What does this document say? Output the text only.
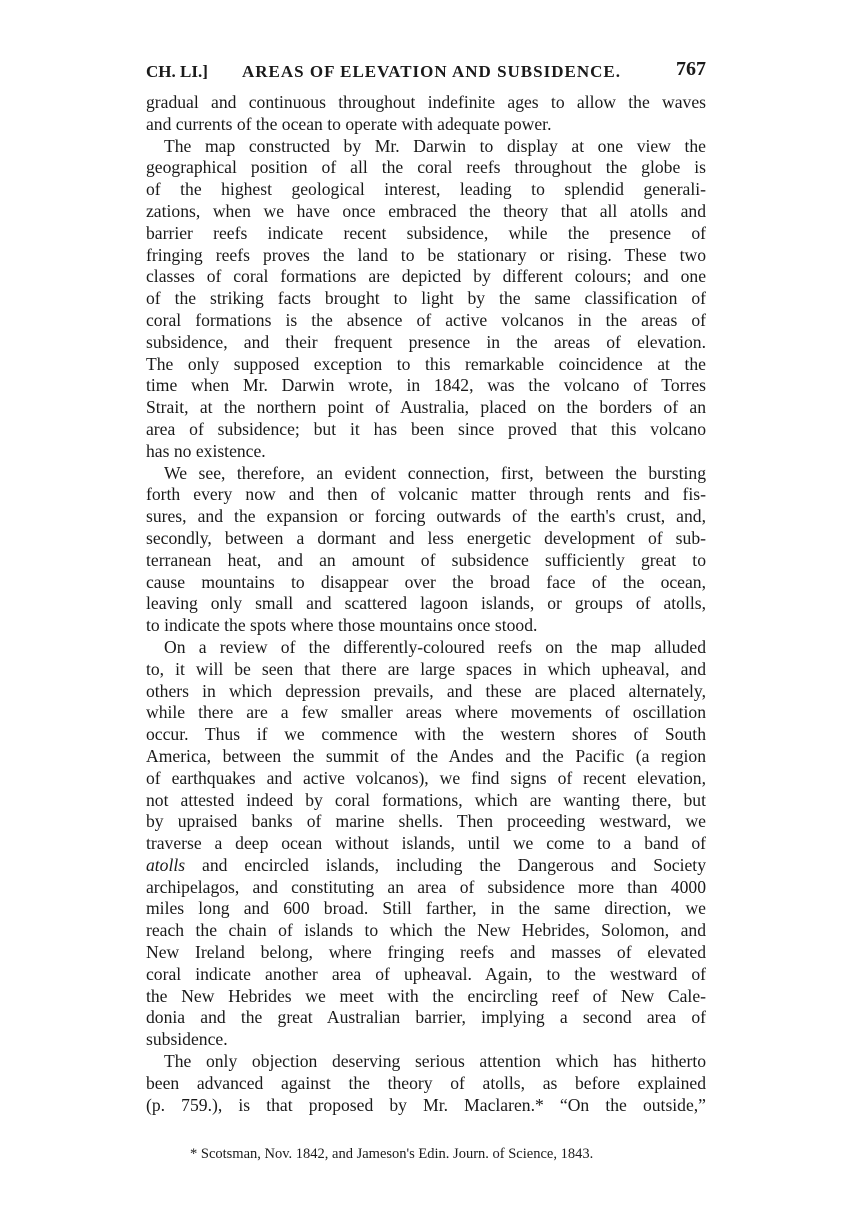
CH. LI.] AREAS OF ELEVATION AND SUBSIDENCE.	767
gradual and continuous throughout indefinite ages to allow the waves
and currents of the ocean to operate with adequate power.
The map constructed by Mr. Darwin to display at one view the
geographical position of all the coral reefs throughout the globe is
of the highest geological interest, leading to splendid generali-
zations, when we have once embraced the theory that all atolls and
barrier reefs indicate recent subsidence, while the presence of
fringing reefs proves the land to be stationary or rising. These two
classes of coral formations are depicted by different colours; and one
of the striking facts brought to light by the same classification of
coral formations is the absence of active volcanos in the areas of
subsidence, and their frequent presence in the areas of elevation.
The only supposed exception to this remarkable coincidence at the
time when Mr. Darwin wrote, in 1842, was the volcano of Torres
Strait, at the northern point of Australia, placed on the borders of an
area of subsidence; but it has been since proved that this volcano
has no existence.
We see, therefore, an evident connection, first, between the bursting
forth every now and then of volcanic matter through rents and fis-
sures, and the expansion or forcing outwards of the earth's crust, and,
secondly, between a dormant and less energetic development of sub-
terranean heat, and an amount of subsidence sufficiently great to
cause mountains to disappear over the broad face of the ocean,
leaving only small and scattered lagoon islands, or groups of atolls,
to indicate the spots where those mountains once stood.
On a review of the differently-coloured reefs on the map alluded
to, it will be seen that there are large spaces in which upheaval, and
others in which depression prevails, and these are placed alternately,
while there are a few smaller areas where movements of oscillation
occur. Thus if we commence with the western shores of South
America, between the summit of the Andes and the Pacific (a region
of earthquakes and active volcanos), we find signs of recent elevation,
not attested indeed by coral formations, which are wanting there, but
by upraised banks of marine shells. Then proceeding westward, we
traverse a deep ocean without islands, until we come to a band of
atolls and encircled islands, including the Dangerous and Society
archipelagos, and constituting an area of subsidence more than 4000
miles long and 600 broad. Still farther, in the same direction, we
reach the chain of islands to which the New Hebrides, Solomon, and
New Ireland belong, where fringing reefs and masses of elevated
coral indicate another area of upheaval. Again, to the westward of
the New Hebrides we meet with the encircling reef of New Cale-
donia and the great Australian barrier, implying a second area of
subsidence.
The only objection deserving serious attention which has hitherto
been advanced against the theory of atolls, as before explained
(p. 759.), is that proposed by Mr. Maclaren.* “On the outside,”
* Scotsman, Nov. 1842, and Jameson's Edin. Journ. of Science, 1843.
